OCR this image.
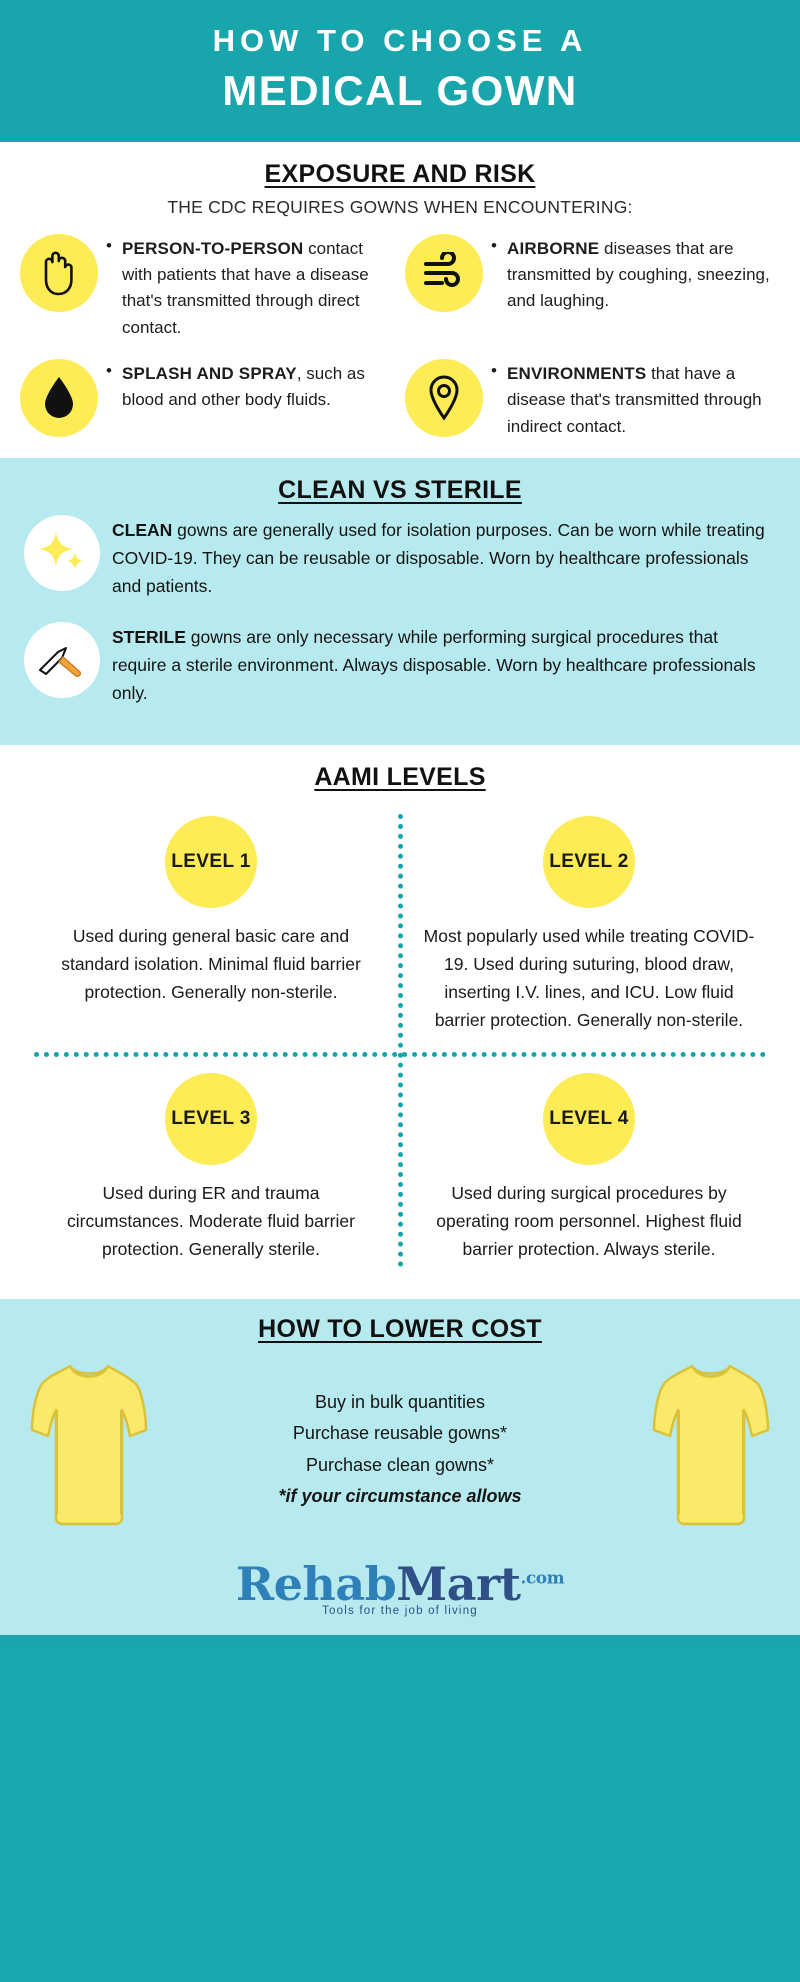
HOW TO CHOOSE A
MEDICAL GOWN
EXPOSURE AND RISK
THE CDC REQUIRES GOWNS WHEN ENCOUNTERING:
• PERSON-TO-PERSON contact with patients that have a disease that's transmitted through direct contact.
• AIRBORNE diseases that are transmitted by coughing, sneezing, and laughing.
• SPLASH AND SPRAY, such as blood and other body fluids.
• ENVIRONMENTS that have a disease that's transmitted through indirect contact.
CLEAN VS STERILE
CLEAN gowns are generally used for isolation purposes. Can be worn while treating COVID-19. They can be reusable or disposable. Worn by healthcare professionals and patients.
STERILE gowns are only necessary while performing surgical procedures that require a sterile environment. Always disposable. Worn by healthcare professionals only.
AAMI LEVELS
LEVEL 1
Used during general basic care and standard isolation. Minimal fluid barrier protection. Generally non-sterile.
LEVEL 2
Most popularly used while treating COVID-19. Used during suturing, blood draw, inserting I.V. lines, and ICU. Low fluid barrier protection. Generally non-sterile.
LEVEL 3
Used during ER and trauma circumstances. Moderate fluid barrier protection. Generally sterile.
LEVEL 4
Used during surgical procedures by operating room personnel. Highest fluid barrier protection. Always sterile.
HOW TO LOWER COST
Buy in bulk quantities
Purchase reusable gowns*
Purchase clean gowns*
*if your circumstance allows
RehabMart$^{.com}$
Tools for the job of living
